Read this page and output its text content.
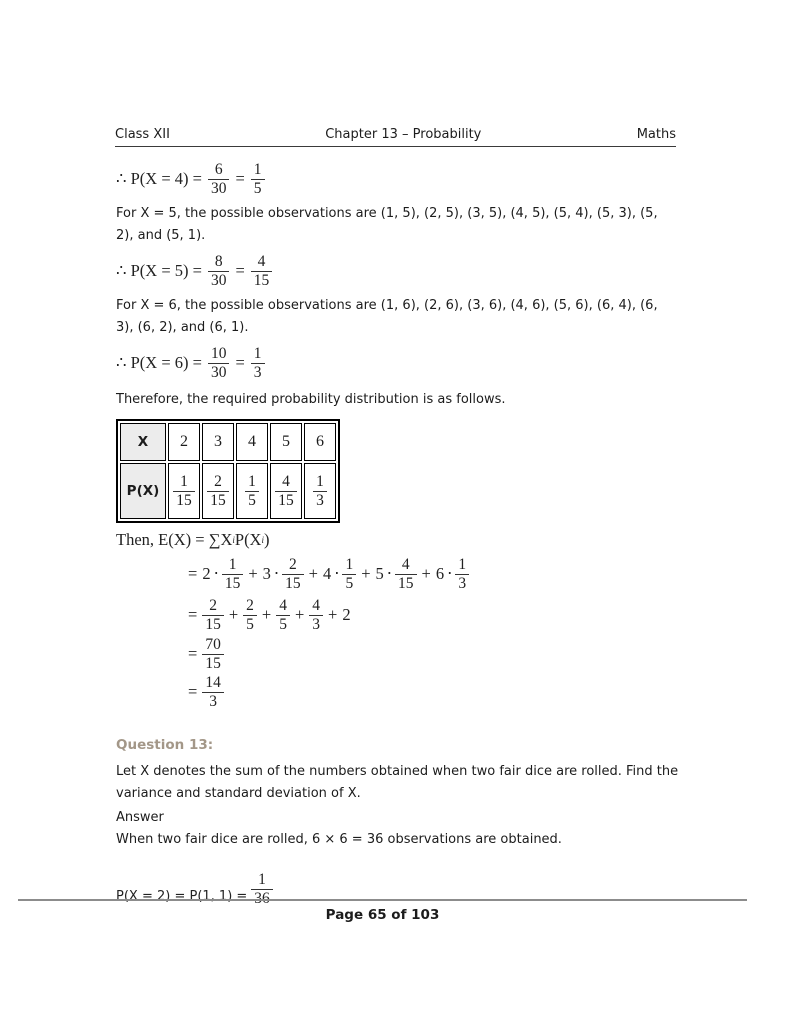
Class XII	Chapter 13 – Probability	Maths
∴ $P(X = 4) = \frac{6}{30} = \frac{1}{5}$
For X = 5, the possible observations are (1, 5), (2, 5), (3, 5), (4, 5), (5, 4), (5, 3), (5,
2), and (5, 1).
∴ $P(X = 5) = \frac{8}{30} = \frac{4}{15}$
For X = 6, the possible observations are (1, 6), (2, 6), (3, 6), (4, 6), (5, 6), (6, 4), (6,
3), (6, 2), and (6, 1).
∴ $P(X = 6) = \frac{10}{30} = \frac{1}{3}$
Therefore, the required probability distribution is as follows.
X	2	3	4	5	6
P(X)	$\frac{1}{15}$	$\frac{2}{15}$	$\frac{1}{5}$	$\frac{4}{15}$	$\frac{1}{3}$
Then, E(X) = ∑X i P(X i )
= $2 \cdot \frac{1}{15} + 3 \cdot \frac{2}{15} + 4 \cdot \frac{1}{5} + 5 \cdot \frac{4}{15} + 6 \cdot \frac{1}{3}$
= $\frac{2}{15} + \frac{2}{5} + \frac{4}{5} + \frac{4}{3} + 2$
= $\frac{70}{15}$
= $\frac{14}{3}$
Question 13:
Let X denotes the sum of the numbers obtained when two fair dice are rolled. Find the
variance and standard deviation of X.
Answer
When two fair dice are rolled, 6 × 6 = 36 observations are obtained.
P(X = 2) = P(1, $1) = \frac{1}{36}$
Page 65 of 103
